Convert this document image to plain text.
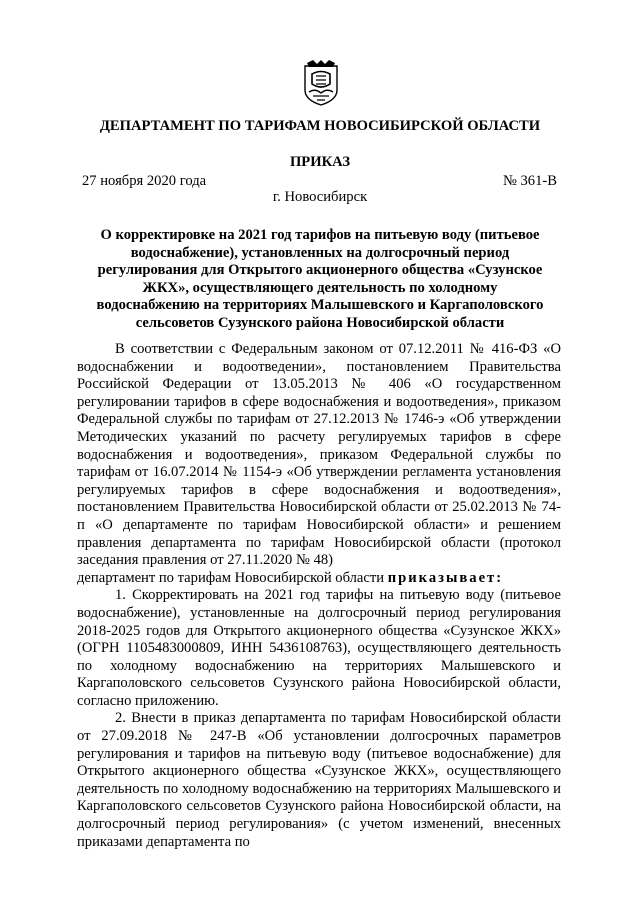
ДЕПАРТАМЕНТ ПО ТАРИФАМ НОВОСИБИРСКОЙ ОБЛАСТИ
ПРИКАЗ
27 ноября 2020 года	№ 361-В
г. Новосибирск
О корректировке на 2021 год тарифов на питьевую воду (питьевое водоснабжение), установленных на долгосрочный период регулирования для Открытого акционерного общества «Сузунское ЖКХ», осуществляющего деятельность по холодному водоснабжению на территориях Малышевского и Каргаполовского сельсоветов Сузунского района Новосибирской области

В соответствии с Федеральным законом от 07.12.2011 № 416-ФЗ «О водоснабжении и водоотведении», постановлением Правительства Российской Федерации от 13.05.2013 № 406 «О государственном регулировании тарифов в сфере водоснабжения и водоотведения», приказом Федеральной службы по тарифам от 27.12.2013 № 1746-э «Об утверждении Методических указаний по расчету регулируемых тарифов в сфере водоснабжения и водоотведения», приказом Федеральной службы по тарифам от 16.07.2014 № 1154-э «Об утверждении регламента установления регулируемых тарифов в сфере водоснабжения и водоотведения», постановлением Правительства Новосибирской области от 25.02.2013 № 74-п «О департаменте по тарифам Новосибирской области» и решением правления департамента по тарифам Новосибирской области (протокол заседания правления от 27.11.2020 № 48)

департамент по тарифам Новосибирской области приказывает:

1. Скорректировать на 2021 год тарифы на питьевую воду (питьевое водоснабжение), установленные на долгосрочный период регулирования 2018-2025 годов для Открытого акционерного общества «Сузунское ЖКХ» (ОГРН 1105483000809, ИНН 5436108763), осуществляющего деятельность по холодному водоснабжению на территориях Малышевского и Каргаполовского сельсоветов Сузунского района Новосибирской области, согласно приложению.

2. Внести в приказ департамента по тарифам Новосибирской области от 27.09.2018 № 247-В «Об установлении долгосрочных параметров регулирования и тарифов на питьевую воду (питьевое водоснабжение) для Открытого акционерного общества «Сузунское ЖКХ», осуществляющего деятельность по холодному водоснабжению на территориях Малышевского и Каргаполовского сельсоветов Сузунского района Новосибирской области, на долгосрочный период регулирования» (с учетом изменений, внесенных приказами департамента по
